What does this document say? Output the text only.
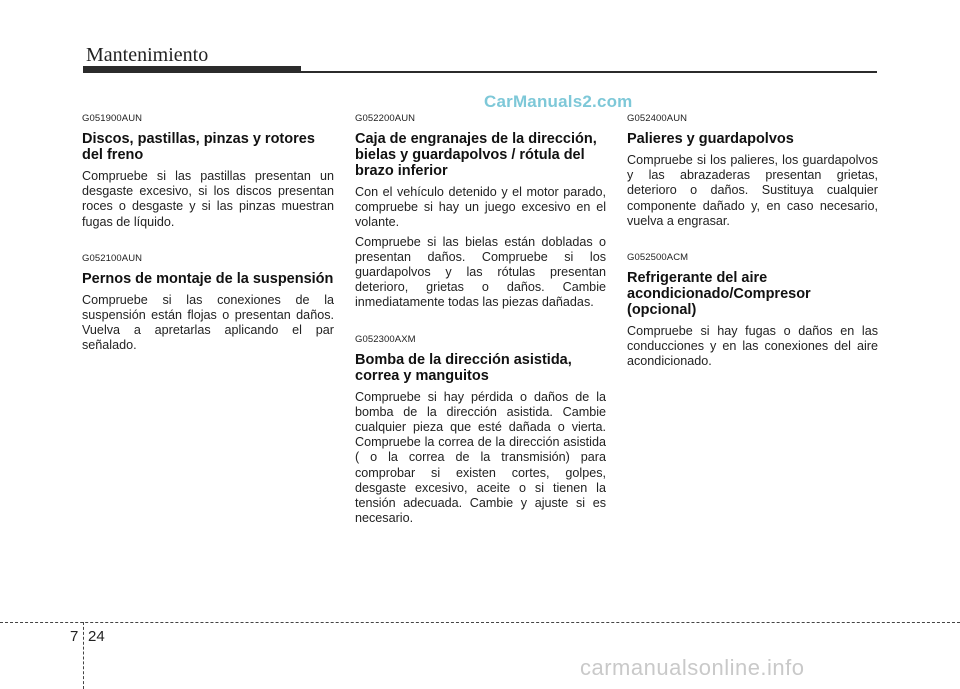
Mantenimiento
CarManuals2.com
G051900AUN
Discos, pastillas, pinzas y rotores del freno

Compruebe si las pastillas presentan un desgaste excesivo, si los discos presentan roces o desgaste y si las pinzas muestran fugas de líquido.

G052100AUN
Pernos de montaje de la suspensión

Compruebe si las conexiones de la suspensión están flojas o presentan daños. Vuelva a apretarlas aplicando el par señalado.

G052200AUN
Caja de engranajes de la dirección, bielas y guardapolvos / rótula del brazo inferior

Con el vehículo detenido y el motor parado, compruebe si hay un juego excesivo en el volante.

Compruebe si las bielas están dobladas o presentan daños. Compruebe si los guardapolvos y las rótulas presentan deterioro, grietas o daños. Cambie inmediatamente todas las piezas dañadas.

G052300AXM
Bomba de la dirección asistida, correa y manguitos

Compruebe si hay pérdida o daños de la bomba de la dirección asistida. Cambie cualquier pieza que esté dañada o vierta. Compruebe la correa de la dirección asistida ( o la correa de la transmisión) para comprobar si existen cortes, golpes, desgaste excesivo, aceite o si tienen la tensión adecuada. Cambie y ajuste si es necesario.

G052400AUN
Palieres y guardapolvos

Compruebe si los palieres, los guardapolvos y las abrazaderas presentan grietas, deterioro o daños. Sustituya cualquier componente dañado y, en caso necesario, vuelva a engrasar.

G052500ACM
Refrigerante del aire acondicionado/Compresor (opcional)

Compruebe si hay fugas o daños en las conducciones y en las conexiones del aire acondicionado.

7 24
carmanualsonline.info
